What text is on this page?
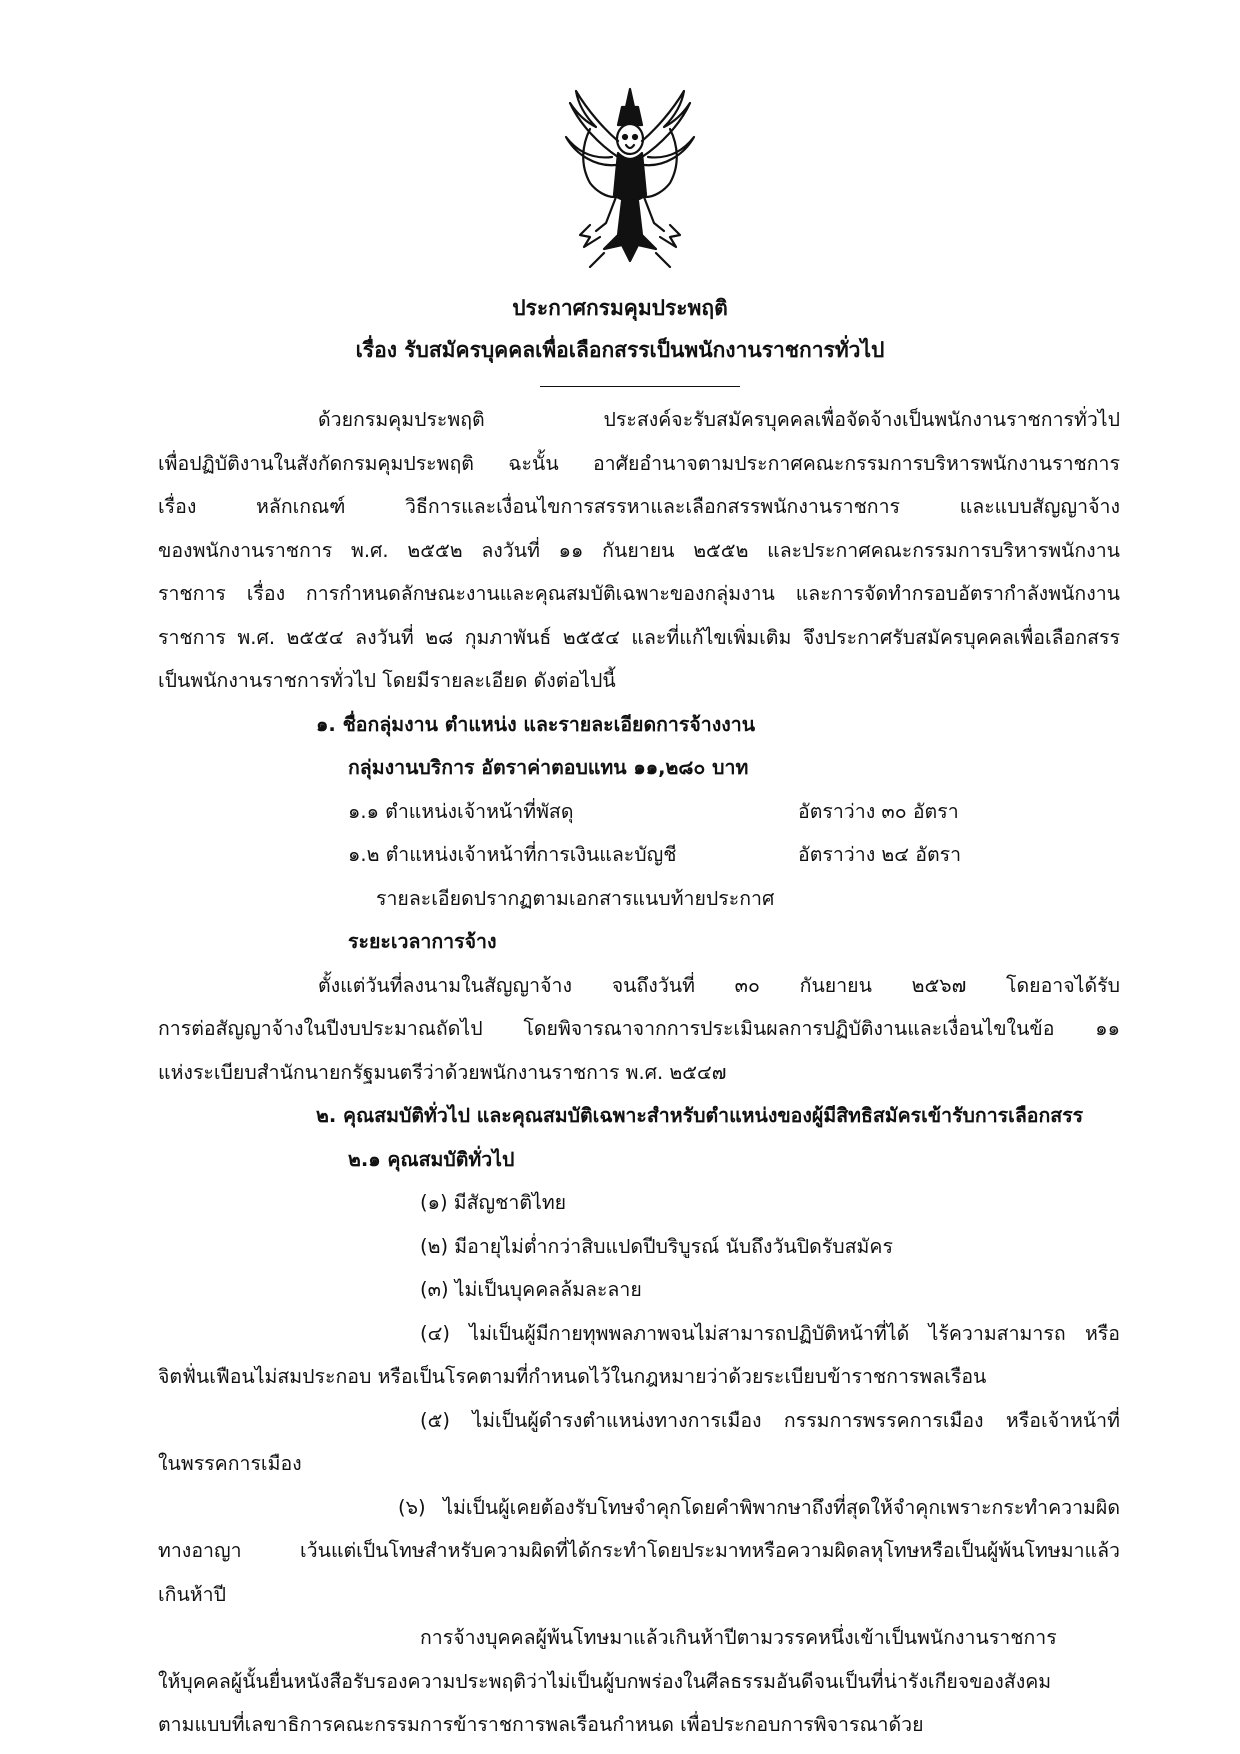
ประกาศกรมคุมประพฤติ
เรื่อง รับสมัครบุคคลเพื่อเลือกสรรเป็นพนักงานราชการทั่วไป

ด้วยกรมคุมประพฤติ ประสงค์จะรับสมัครบุคคลเพื่อจัดจ้างเป็นพนักงานราชการทั่วไป

เพื่อปฏิบัติงานในสังกัดกรมคุมประพฤติ ฉะนั้น อาศัยอำนาจตามประกาศคณะกรรมการบริหารพนักงานราชการ

เรื่อง หลักเกณฑ์ วิธีการและเงื่อนไขการสรรหาและเลือกสรรพนักงานราชการ และแบบสัญญาจ้าง

ของพนักงานราชการ พ.ศ. ๒๕๕๒ ลงวันที่ ๑๑ กันยายน ๒๕๕๒ และประกาศคณะกรรมการบริหารพนักงาน

ราชการ เรื่อง การกำหนดลักษณะงานและคุณสมบัติเฉพาะของกลุ่มงาน และการจัดทำกรอบอัตรากำลังพนักงาน

ราชการ พ.ศ. ๒๕๕๔ ลงวันที่ ๒๘ กุมภาพันธ์ ๒๕๕๔ และที่แก้ไขเพิ่มเติม จึงประกาศรับสมัครบุคคลเพื่อเลือกสรร

เป็นพนักงานราชการทั่วไป โดยมีรายละเอียด ดังต่อไปนี้

๑. ชื่อกลุ่มงาน ตำแหน่ง และรายละเอียดการจ้างงาน

กลุ่มงานบริการ อัตราค่าตอบแทน ๑๑,๒๘๐ บาท

๑.๑ ตำแหน่งเจ้าหน้าที่พัสดุ	อัตราว่าง ๓๐ อัตรา
๑.๒ ตำแหน่งเจ้าหน้าที่การเงินและบัญชี	อัตราว่าง ๒๔ อัตรา

รายละเอียดปรากฏตามเอกสารแนบท้ายประกาศ

ระยะเวลาการจ้าง

ตั้งแต่วันที่ลงนามในสัญญาจ้าง จนถึงวันที่ ๓๐ กันยายน ๒๕๖๗ โดยอาจได้รับ

การต่อสัญญาจ้างในปีงบประมาณถัดไป โดยพิจารณาจากการประเมินผลการปฏิบัติงานและเงื่อนไขในข้อ ๑๑

แห่งระเบียบสำนักนายกรัฐมนตรีว่าด้วยพนักงานราชการ พ.ศ. ๒๕๔๗

๒. คุณสมบัติทั่วไป และคุณสมบัติเฉพาะสำหรับตำแหน่งของผู้มีสิทธิสมัครเข้ารับการเลือกสรร

๒.๑ คุณสมบัติทั่วไป

(๑) มีสัญชาติไทย

(๒) มีอายุไม่ต่ำกว่าสิบแปดปีบริบูรณ์ นับถึงวันปิดรับสมัคร

(๓) ไม่เป็นบุคคลล้มละลาย

(๔) ไม่เป็นผู้มีกายทุพพลภาพจนไม่สามารถปฏิบัติหน้าที่ได้ ไร้ความสามารถ หรือ

จิตฟั่นเฟือนไม่สมประกอบ หรือเป็นโรคตามที่กำหนดไว้ในกฎหมายว่าด้วยระเบียบข้าราชการพลเรือน

(๕) ไม่เป็นผู้ดำรงตำแหน่งทางการเมือง กรรมการพรรคการเมือง หรือเจ้าหน้าที่

ในพรรคการเมือง

(๖) ไม่เป็นผู้เคยต้องรับโทษจำคุกโดยคำพิพากษาถึงที่สุดให้จำคุกเพราะกระทำความผิด

ทางอาญา เว้นแต่เป็นโทษสำหรับความผิดที่ได้กระทำโดยประมาทหรือความผิดลหุโทษหรือเป็นผู้พ้นโทษมาแล้ว

เกินห้าปี

การจ้างบุคคลผู้พ้นโทษมาแล้วเกินห้าปีตามวรรคหนึ่งเข้าเป็นพนักงานราชการ

ให้บุคคลผู้นั้นยื่นหนังสือรับรองความประพฤติว่าไม่เป็นผู้บกพร่องในศีลธรรมอันดีจนเป็นที่น่ารังเกียจของสังคม

ตามแบบที่เลขาธิการคณะกรรมการข้าราชการพลเรือนกำหนด เพื่อประกอบการพิจารณาด้วย
